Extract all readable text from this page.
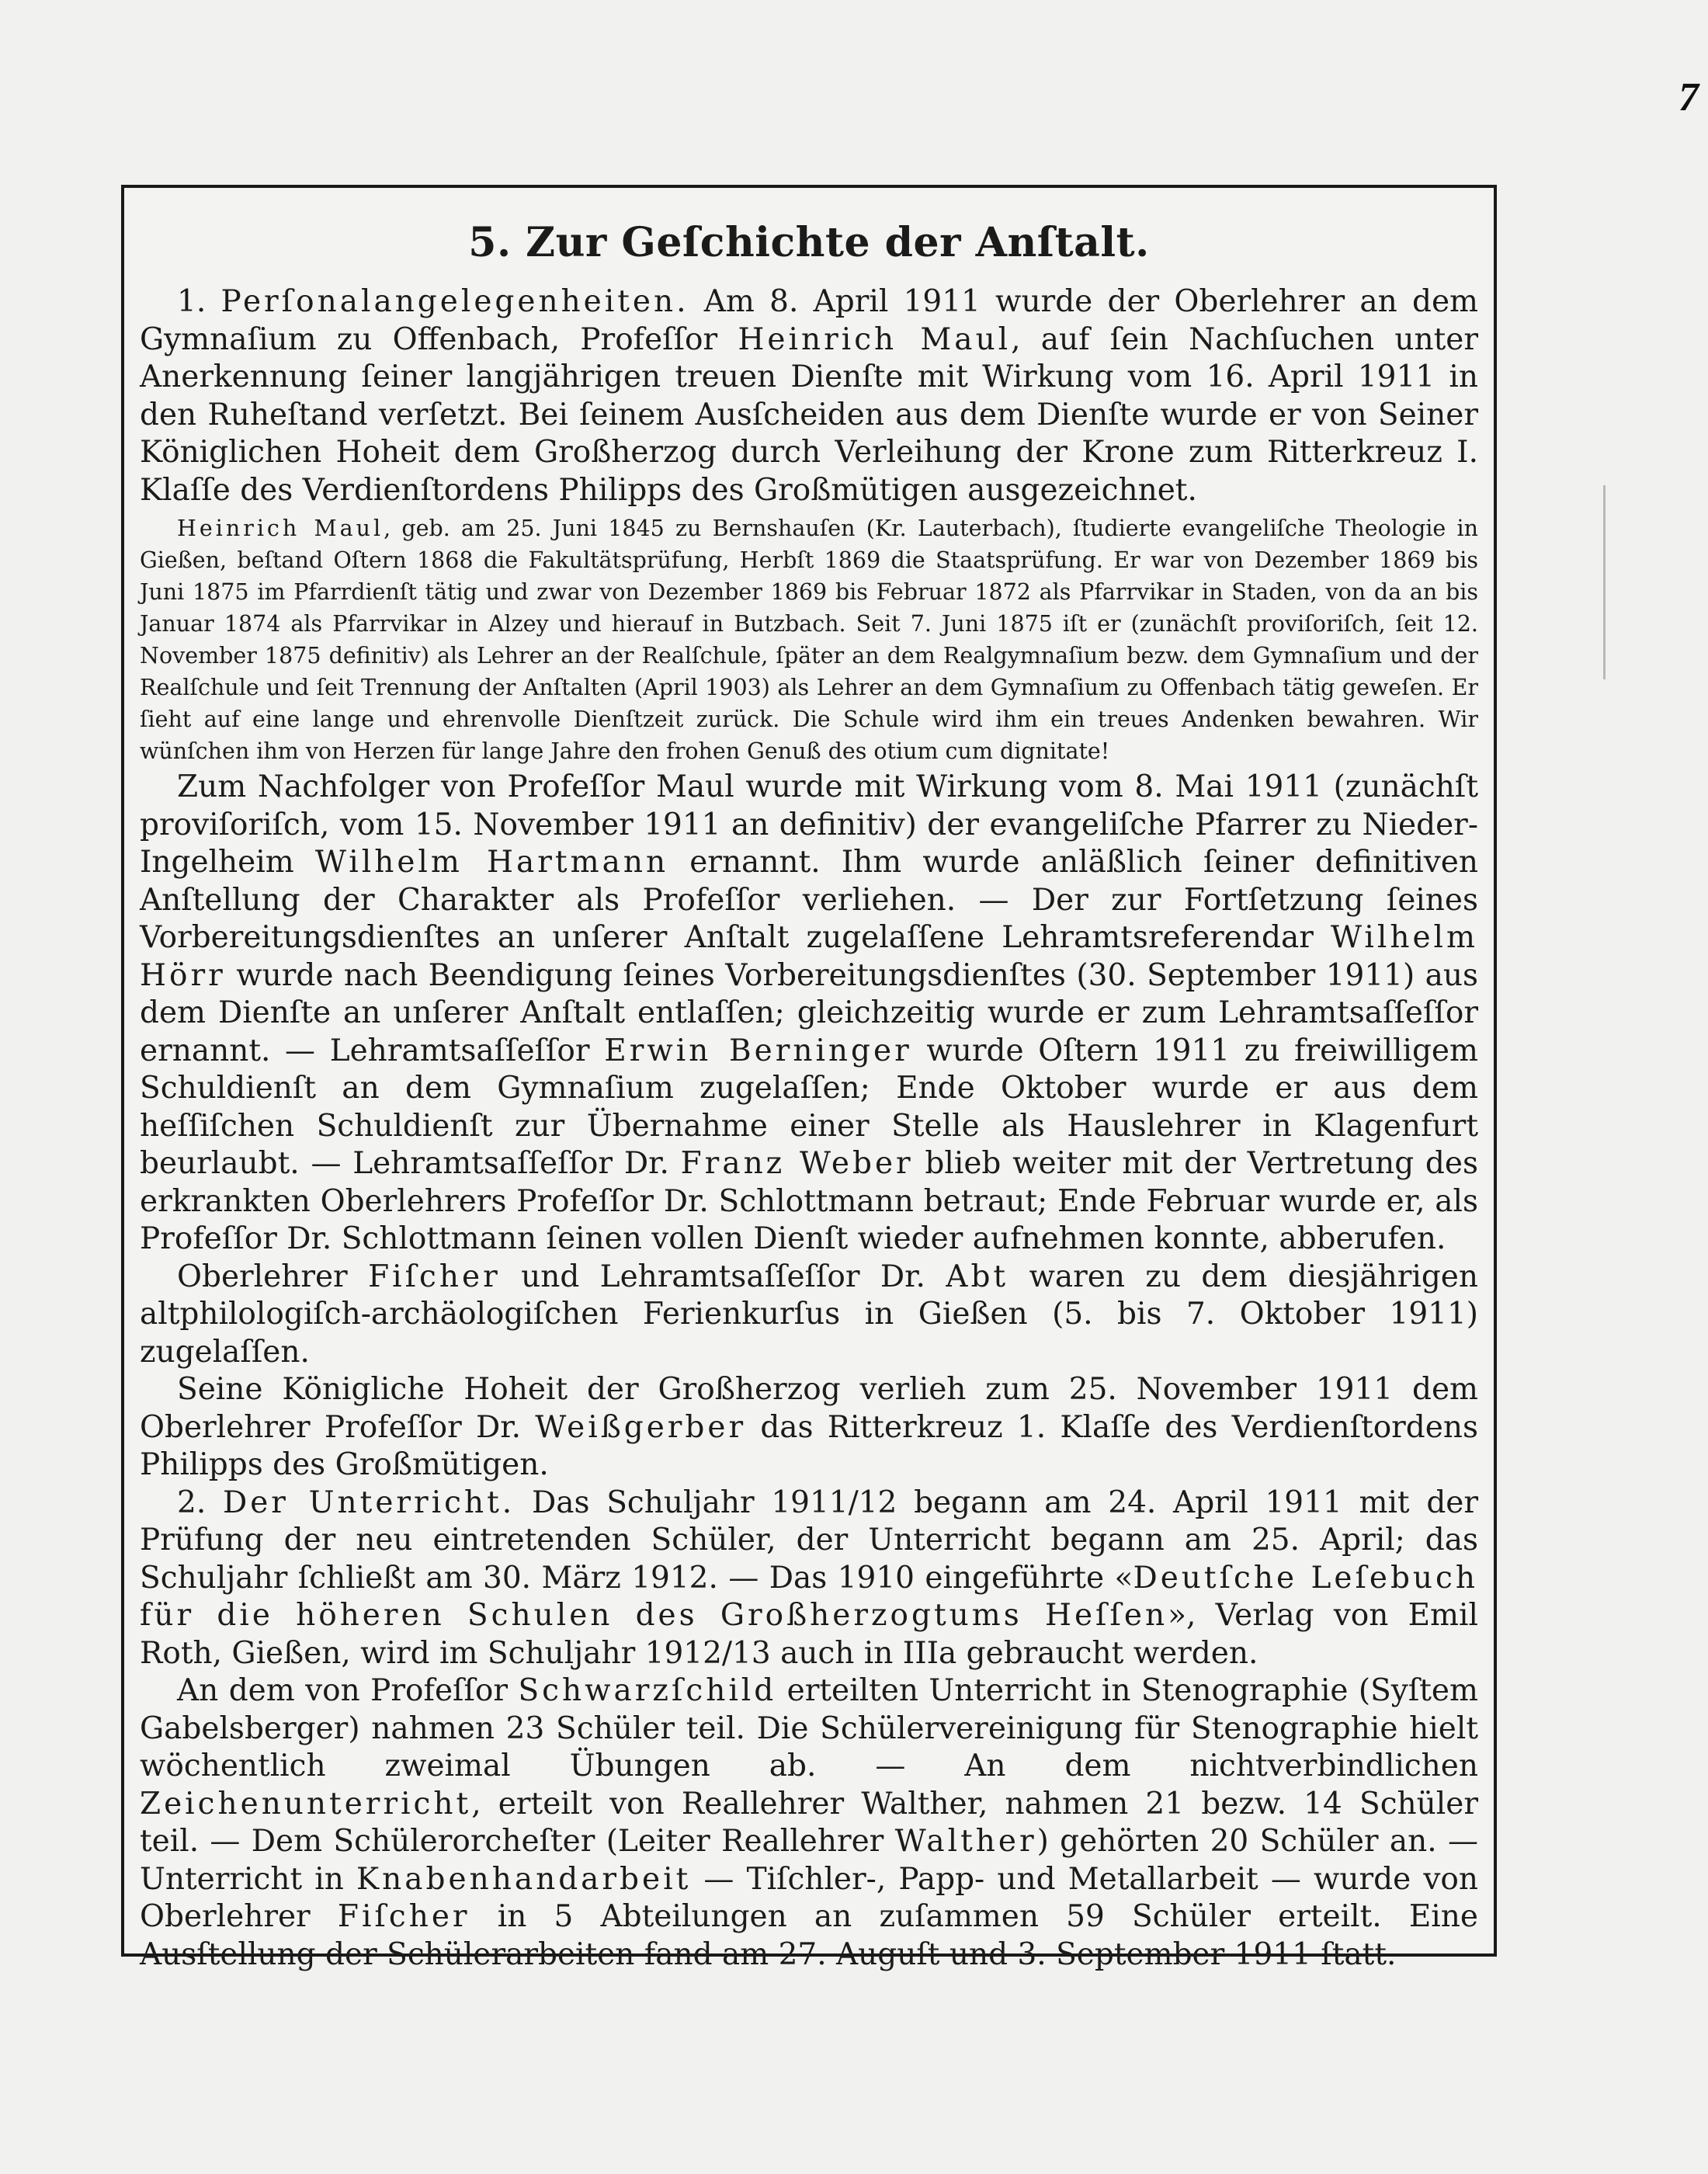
7
5. Zur Geſchichte der Anſtalt.

1. Perſonalangelegenheiten. Am 8. April 1911 wurde der Oberlehrer an dem Gymnaſium zu Offenbach, Profeſſor Heinrich Maul, auf ſein Nachſuchen unter Anerkennung ſeiner langjährigen treuen Dienſte mit Wirkung vom 16. April 1911 in den Ruheſtand verſetzt. Bei ſeinem Ausſcheiden aus dem Dienſte wurde er von Seiner Königlichen Hoheit dem Großherzog durch Verleihung der Krone zum Ritterkreuz I. Klaſſe des Verdienſtordens Philipps des Großmütigen ausgezeichnet.

Heinrich Maul, geb. am 25. Juni 1845 zu Bernshauſen (Kr. Lauterbach), ſtudierte evangeliſche Theologie in Gießen, beſtand Oſtern 1868 die Fakultätsprüfung, Herbſt 1869 die Staatsprüfung. Er war von Dezember 1869 bis Juni 1875 im Pfarrdienſt tätig und zwar von Dezember 1869 bis Februar 1872 als Pfarrvikar in Staden, von da an bis Januar 1874 als Pfarrvikar in Alzey und hierauf in Butzbach. Seit 7. Juni 1875 iſt er (zunächſt proviſoriſch, ſeit 12. November 1875 definitiv) als Lehrer an der Realſchule, ſpäter an dem Realgymnaſium bezw. dem Gymnaſium und der Realſchule und ſeit Trennung der Anſtalten (April 1903) als Lehrer an dem Gymnaſium zu Offenbach tätig geweſen. Er ſieht auf eine lange und ehrenvolle Dienſtzeit zurück. Die Schule wird ihm ein treues Andenken bewahren. Wir wünſchen ihm von Herzen für lange Jahre den frohen Genuß des otium cum dignitate!

Zum Nachfolger von Profeſſor Maul wurde mit Wirkung vom 8. Mai 1911 (zunächſt proviſoriſch, vom 15. November 1911 an definitiv) der evangeliſche Pfarrer zu Nieder-Ingelheim Wilhelm Hartmann ernannt. Ihm wurde anläßlich ſeiner definitiven Anſtellung der Charakter als Profeſſor verliehen. — Der zur Fortſetzung ſeines Vorbereitungsdienſtes an unſerer Anſtalt zugelaſſene Lehramtsreferendar Wilhelm Hörr wurde nach Beendigung ſeines Vorbereitungsdienſtes (30. September 1911) aus dem Dienſte an unſerer Anſtalt entlaſſen; gleichzeitig wurde er zum Lehramtsaſſeſſor ernannt. — Lehramtsaſſeſſor Erwin Berninger wurde Oſtern 1911 zu freiwilligem Schuldienſt an dem Gymnaſium zugelaſſen; Ende Oktober wurde er aus dem heſſiſchen Schuldienſt zur Übernahme einer Stelle als Hauslehrer in Klagenfurt beurlaubt. — Lehramtsaſſeſſor Dr. Franz Weber blieb weiter mit der Vertretung des erkrankten Oberlehrers Profeſſor Dr. Schlottmann betraut; Ende Februar wurde er, als Profeſſor Dr. Schlottmann ſeinen vollen Dienſt wieder aufnehmen konnte, abberufen.

Oberlehrer Fiſcher und Lehramtsaſſeſſor Dr. Abt waren zu dem diesjährigen altphilologiſch-archäologiſchen Ferienkurſus in Gießen (5. bis 7. Oktober 1911) zugelaſſen.

Seine Königliche Hoheit der Großherzog verlieh zum 25. November 1911 dem Oberlehrer Profeſſor Dr. Weißgerber das Ritterkreuz 1. Klaſſe des Verdienſtordens Philipps des Großmütigen.

2. Der Unterricht. Das Schuljahr 1911/12 begann am 24. April 1911 mit der Prüfung der neu eintretenden Schüler, der Unterricht begann am 25. April; das Schuljahr ſchließt am 30. März 1912. — Das 1910 eingeführte «Deutſche Leſebuch für die höheren Schulen des Großherzogtums Heſſen», Verlag von Emil Roth, Gießen, wird im Schuljahr 1912/13 auch in IIIa gebraucht werden.

An dem von Profeſſor Schwarzſchild erteilten Unterricht in Stenographie (Syſtem Gabelsberger) nahmen 23 Schüler teil. Die Schülervereinigung für Stenographie hielt wöchentlich zweimal Übungen ab. — An dem nichtverbindlichen Zeichenunterricht, erteilt von Reallehrer Walther, nahmen 21 bezw. 14 Schüler teil. — Dem Schülerorcheſter (Leiter Reallehrer Walther) gehörten 20 Schüler an. — Unterricht in Knabenhandarbeit — Tiſchler-, Papp- und Metallarbeit — wurde von Oberlehrer Fiſcher in 5 Abteilungen an zuſammen 59 Schüler erteilt. Eine Ausſtellung der Schülerarbeiten fand am 27. Auguſt und 3. September 1911 ſtatt.
